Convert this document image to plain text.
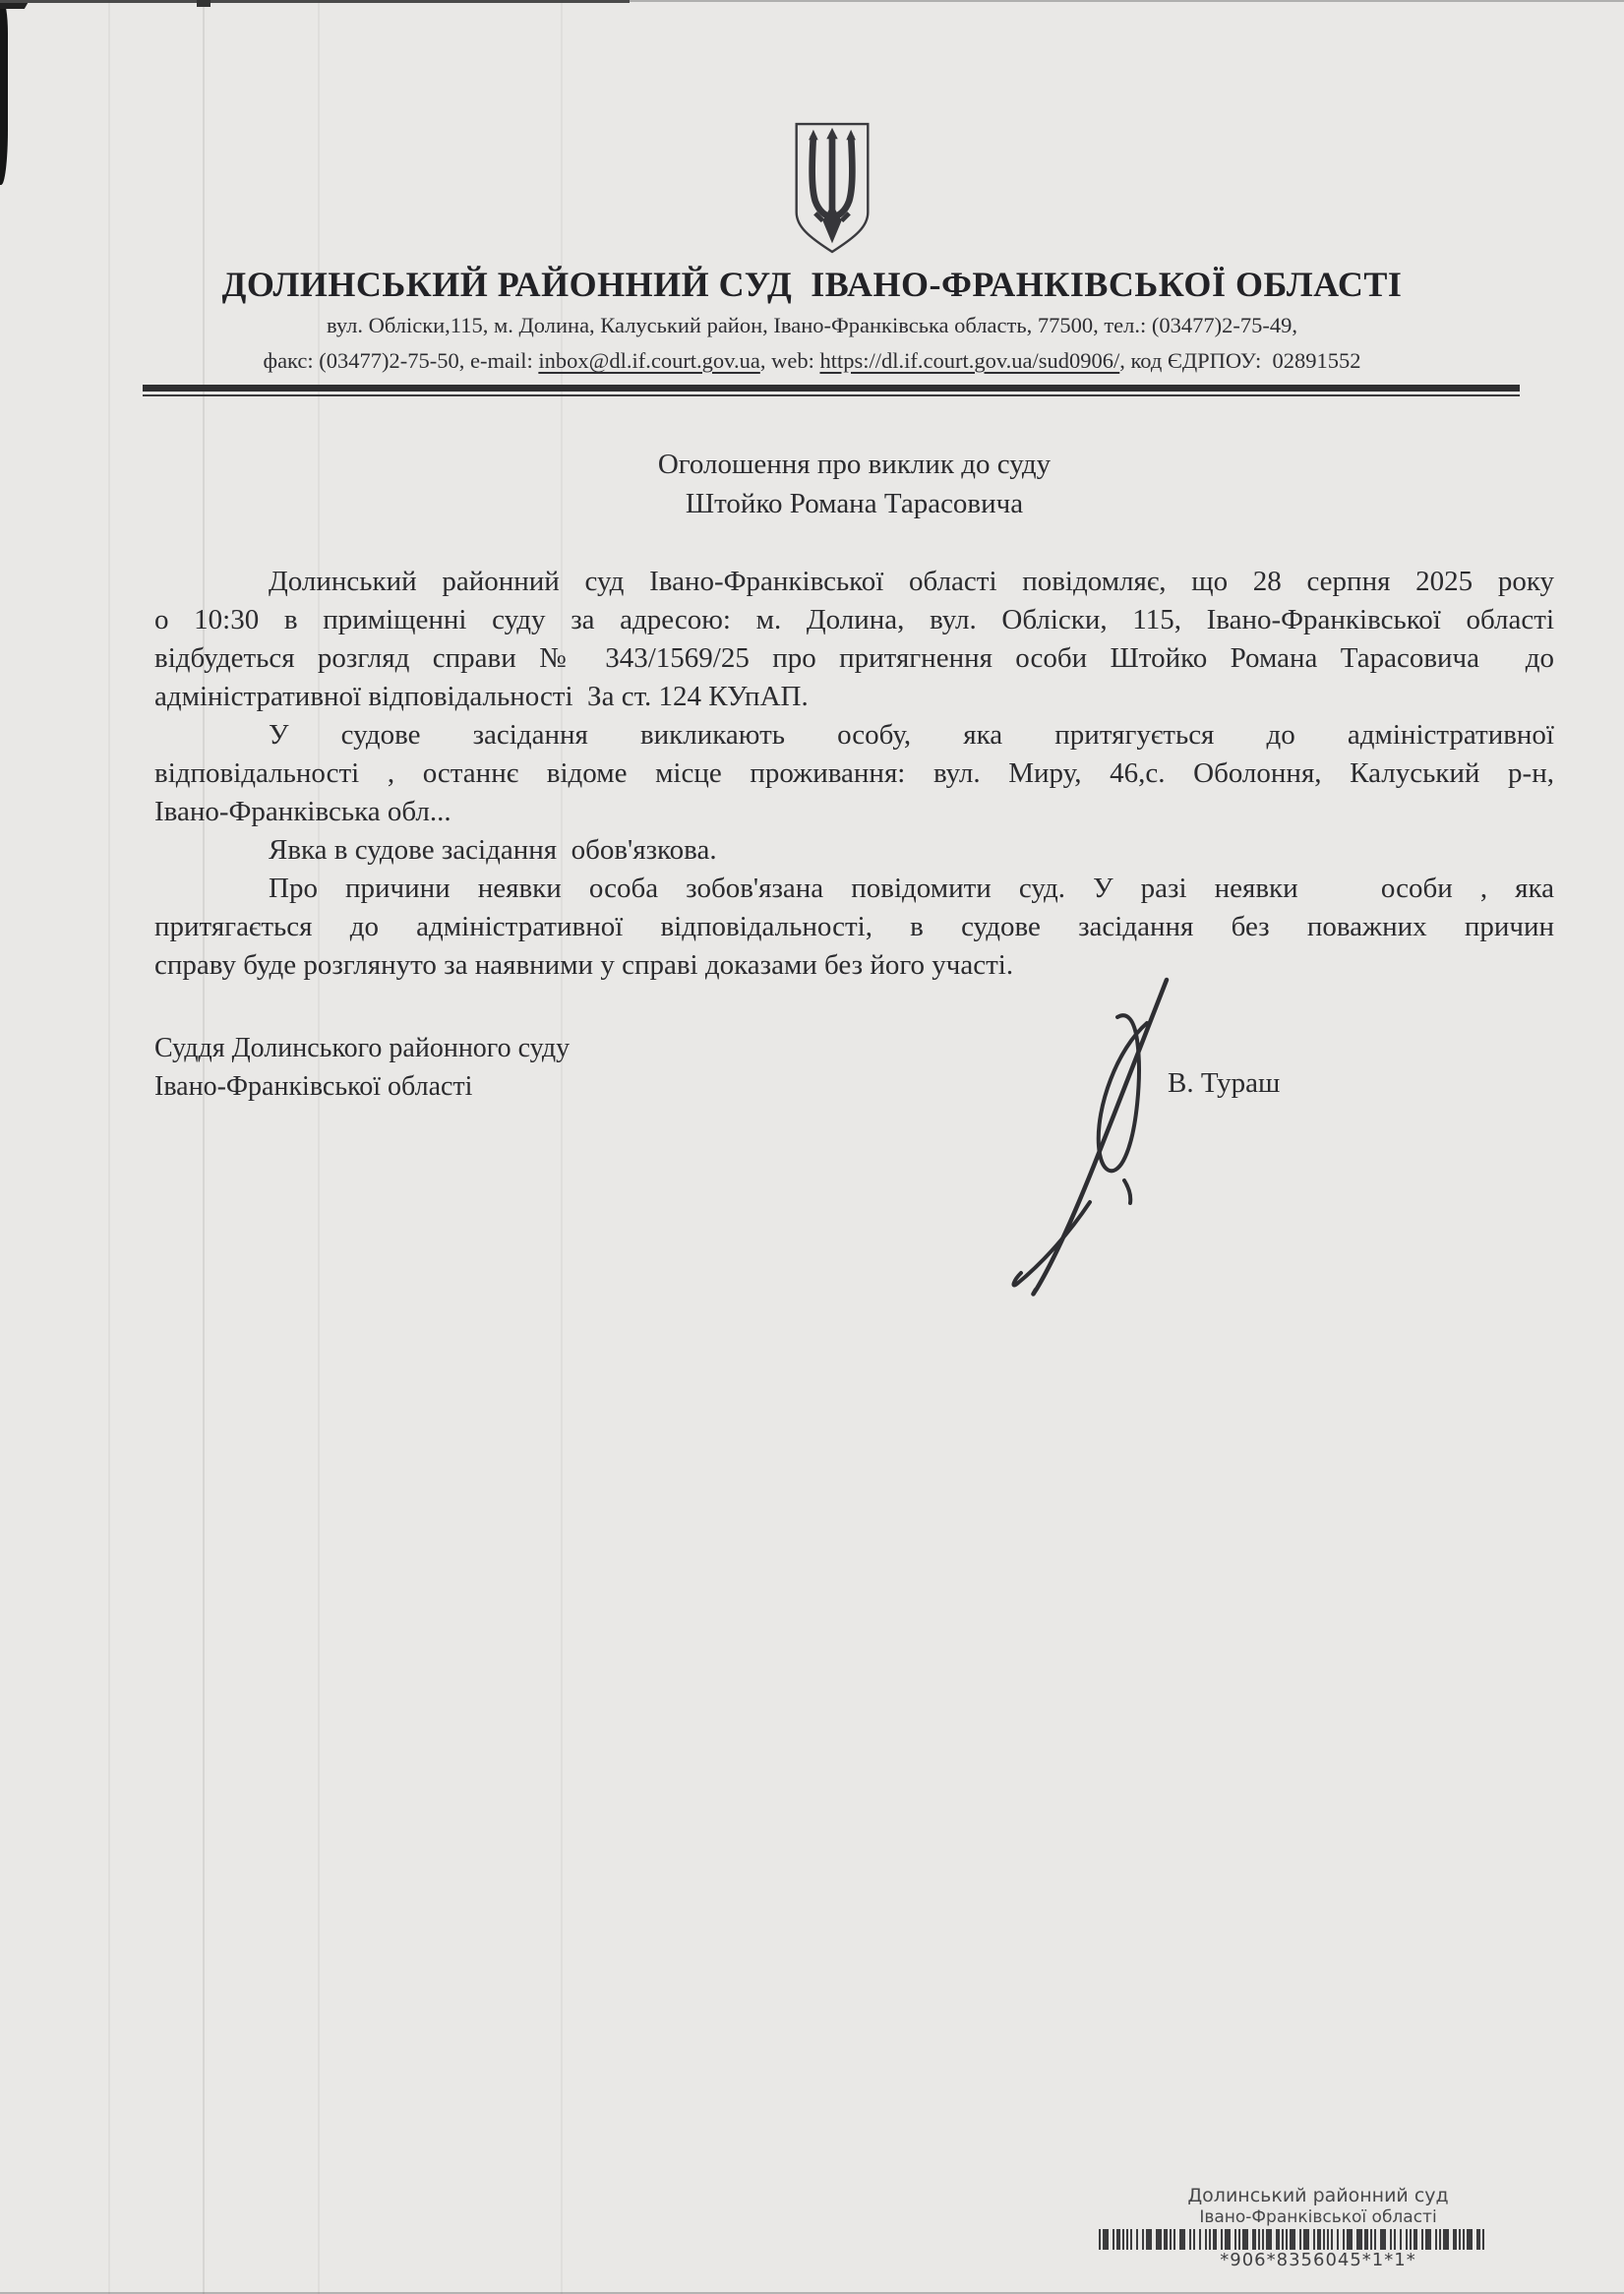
ДОЛИНСЬКИЙ РАЙОННИЙ СУД  ІВАНО-ФРАНКІВСЬКОЇ ОБЛАСТІ
вул. Обліски,115, м. Долина, Калуський район, Івано-Франківська область, 77500, тел.: (03477)2-75-49,
факс: (03477)2-75-50, e-mail: inbox@dl.if.court.gov.ua, web: https://dl.if.court.gov.ua/sud0906/, код ЄДРПОУ:  02891552
Оголошення про виклик до суду
Штойко Романа Тарасовича
Долинський районний суд Івано-Франківської області повідомляє, що 28 серпня 2025 року
о 10:30 в приміщенні суду за адресою: м. Долина, вул. Обліски, 115, Івано-Франківської області
відбудеться розгляд справи № 343/1569/25 про притягнення особи Штойко Романа Тарасовича  до
адміністративної відповідальності  За ст. 124 КУпАП.
У судове засідання викликають особу, яка притягується до адміністративної
відповідальності , останнє відоме місце проживання: вул. Миру, 46,с. Оболоння, Калуський р-н,
Івано-Франківська обл...
Явка в судове засідання  обов'язкова.
Про причини неявки особа зобов'язана повідомити суд. У разі неявки   особи , яка
притягається до адміністративної відповідальності, в судове засідання без поважних причин
справу буде розглянуто за наявними у справі доказами без його участі.
Суддя Долинського районного суду
Івано-Франківської області	В. Тураш
Долинський районний суд
Івано-Франківської області
*906*8356045*1*1*
